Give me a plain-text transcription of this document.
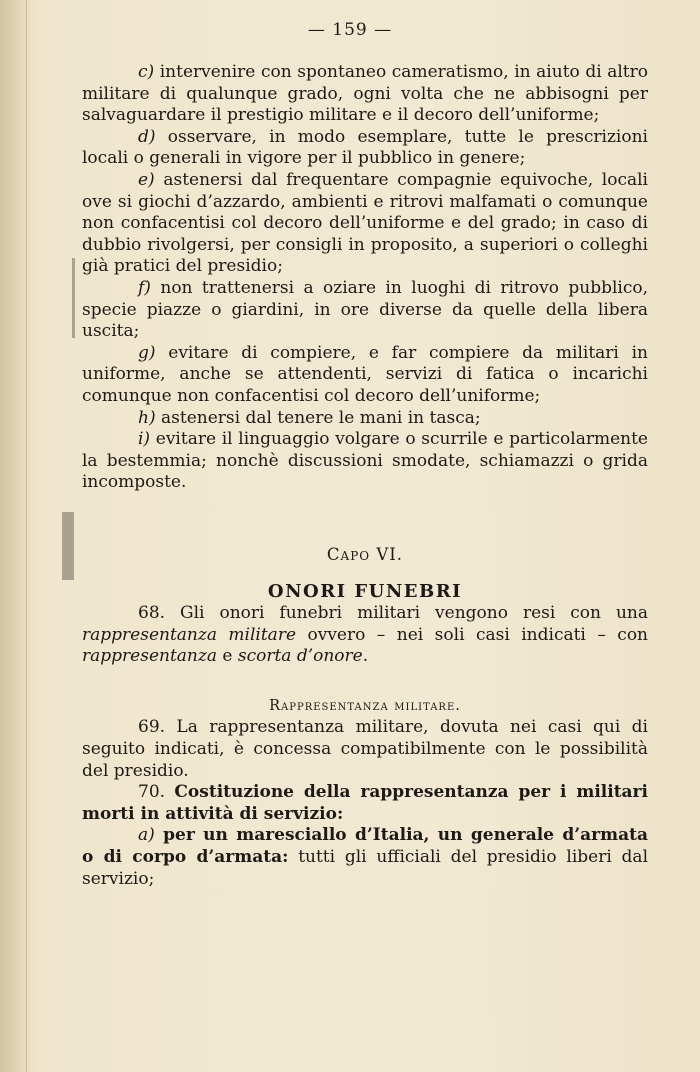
— 159 —

c) intervenire con spontaneo cameratismo, in aiuto di altro militare di qualunque grado, ogni volta che ne abbisogni per salvaguardare il prestigio militare e il decoro dell’uniforme;

d) osservare, in modo esemplare, tutte le prescrizioni locali o generali in vigore per il pubblico in genere;

e) astenersi dal frequentare compagnie equivoche, locali ove si giochi d’azzardo, ambienti e ritrovi malfamati o comunque non confacentisi col decoro dell’uniforme e del grado; in caso di dubbio rivolgersi, per consigli in proposito, a superiori o colleghi già pratici del presidio;

f) non trattenersi a oziare in luoghi di ritrovo pubblico, specie piazze o giardini, in ore diverse da quelle della libera uscita;

g) evitare di compiere, e far compiere da militari in uniforme, anche se attendenti, servizi di fatica o incarichi comunque non confacentisi col decoro dell’uniforme;

h) astenersi dal tenere le mani in tasca;

i) evitare il linguaggio volgare o scurrile e particolarmente la bestemmia; nonchè discussioni smodate, schiamazzi o grida incomposte.

Capo VI.
ONORI FUNEBRI

68. Gli onori funebri militari vengono resi con una rappresentanza militare ovvero – nei soli casi indicati – con rappresentanza e scorta d’onore.

Rappresentanza militare.

69. La rappresentanza militare, dovuta nei casi qui di seguito indicati, è concessa compatibilmente con le possibilità del presidio.

70. Costituzione della rappresentanza per i militari morti in attività di servizio:

a) per un maresciallo d’Italia, un generale d’armata o di corpo d’armata: tutti gli ufficiali del presidio liberi dal servizio;
